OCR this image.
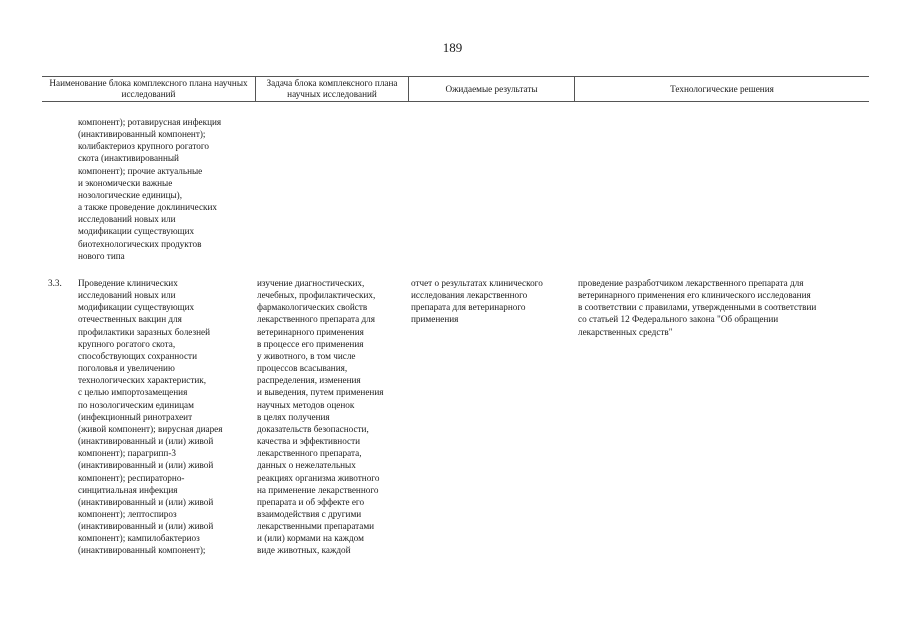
189
Наименование блока комплексного плана научных исследований
Задача блока комплексного плана научных исследований
Ожидаемые результаты	Технологические решения
компонент); ротавирусная инфекция
(инактивированный компонент);
колибактериоз крупного рогатого
скота (инактивированный
компонент); прочие актуальные
и экономически важные
нозологические единицы),
а также проведение доклинических
исследований новых или
модификации существующих
биотехнологических продуктов
нового типа
3.3. Проведение клинических
исследований новых или
модификации существующих
отечественных вакцин для
профилактики заразных болезней
крупного рогатого скота,
способствующих сохранности
поголовья и увеличению
технологических характеристик,
с целью импортозамещения
по нозологическим единицам
(инфекционный ринотрахеит
(живой компонент); вирусная диарея
(инактивированный и (или) живой
компонент); парагрипп-3
(инактивированный и (или) живой
компонент); респираторно-
синцитиальная инфекция
(инактивированный и (или) живой
компонент); лептоспироз
(инактивированный и (или) живой
компонент); кампилобактериоз
(инактивированный компонент);
изучение диагностических,
лечебных, профилактических,
фармакологических свойств
лекарственного препарата для
ветеринарного применения
в процессе его применения
у животного, в том числе
процессов всасывания,
распределения, изменения
и выведения, путем применения
научных методов оценок
в целях получения
доказательств безопасности,
качества и эффективности
лекарственного препарата,
данных о нежелательных
реакциях организма животного
на применение лекарственного
препарата и об эффекте его
взаимодействия с другими
лекарственными препаратами
и (или) кормами на каждом
виде животных, каждой
отчет о результатах клинического
исследования лекарственного
препарата для ветеринарного
применения
проведение разработчиком лекарственного препарата для
ветеринарного применения его клинического исследования
в соответствии с правилами, утвержденными в соответствии
со статьей 12 Федерального закона "Об обращении
лекарственных средств"
